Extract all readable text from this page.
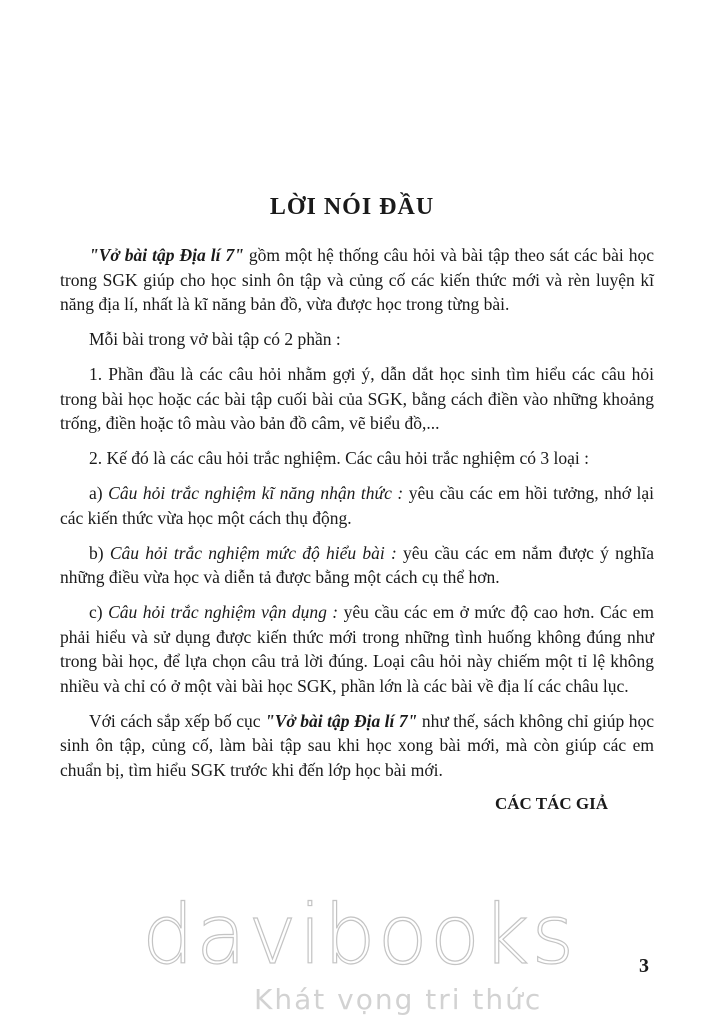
LỜI NÓI ĐẦU

"Vở bài tập Địa lí 7" gồm một hệ thống câu hỏi và bài tập theo sát các bài học trong SGK giúp cho học sinh ôn tập và củng cố các kiến thức mới và rèn luyện kĩ năng địa lí, nhất là kĩ năng bản đồ, vừa được học trong từng bài.

Mỗi bài trong vở bài tập có 2 phần :

1. Phần đầu là các câu hỏi nhằm gợi ý, dẫn dắt học sinh tìm hiểu các câu hỏi trong bài học hoặc các bài tập cuối bài của SGK, bằng cách điền vào những khoảng trống, điền hoặc tô màu vào bản đồ câm, vẽ biểu đồ,...

2. Kế đó là các câu hỏi trắc nghiệm. Các câu hỏi trắc nghiệm có 3 loại :

a) Câu hỏi trắc nghiệm kĩ năng nhận thức : yêu cầu các em hồi tưởng, nhớ lại các kiến thức vừa học một cách thụ động.

b) Câu hỏi trắc nghiệm mức độ hiểu bài : yêu cầu các em nắm được ý nghĩa những điều vừa học và diễn tả được bằng một cách cụ thể hơn.

c) Câu hỏi trắc nghiệm vận dụng : yêu cầu các em ở mức độ cao hơn. Các em phải hiểu và sử dụng được kiến thức mới trong những tình huống không đúng như trong bài học, để lựa chọn câu trả lời đúng. Loại câu hỏi này chiếm một tỉ lệ không nhiều và chỉ có ở một vài bài học SGK, phần lớn là các bài về địa lí các châu lục.

Với cách sắp xếp bố cục "Vở bài tập Địa lí 7" như thế, sách không chỉ giúp học sinh ôn tập, củng cố, làm bài tập sau khi học xong bài mới, mà còn giúp các em chuẩn bị, tìm hiểu SGK trước khi đến lớp học bài mới.

CÁC TÁC GIẢ
davibooks
Khát vọng tri thức
3
